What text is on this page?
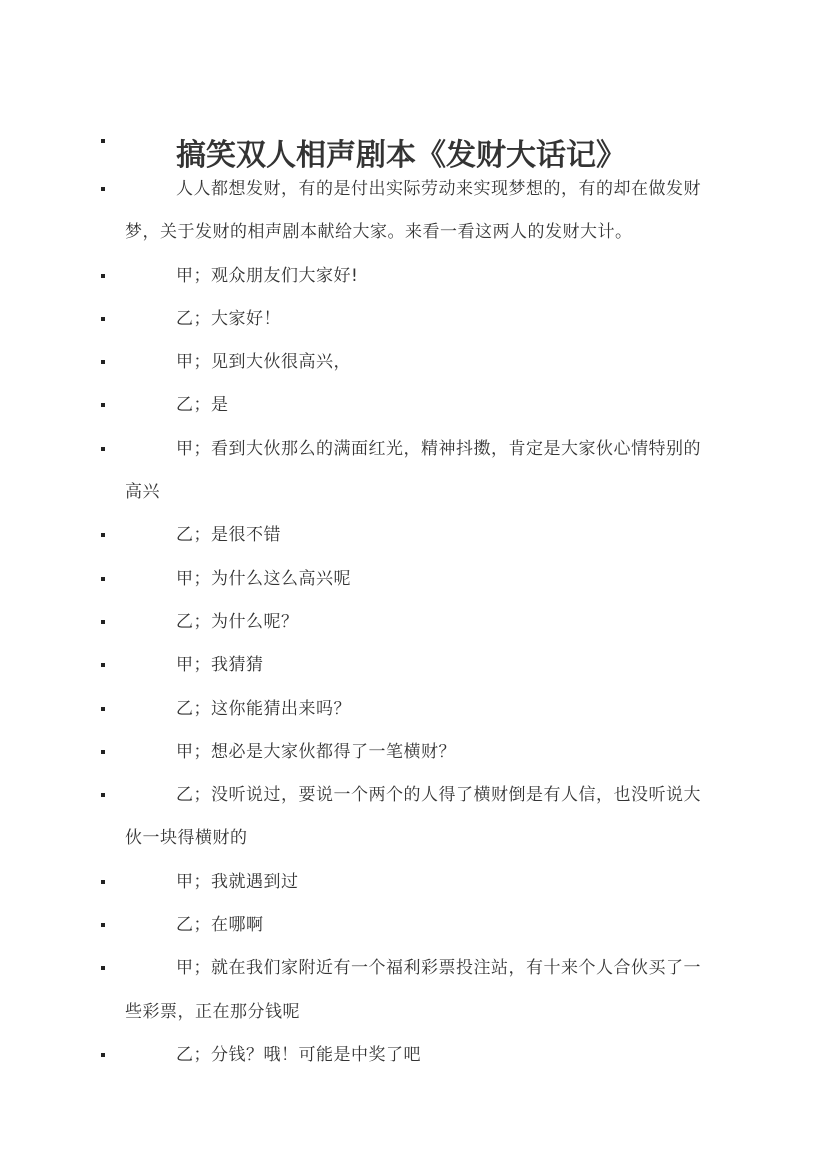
搞笑双人相声剧本《发财大话记》

人人都想发财，有的是付出实际劳动来实现梦想的，有的却在做发财梦，关于发财的相声剧本献给大家。来看一看这两人的发财大计。

甲；观众朋友们大家好!

乙；大家好！

甲；见到大伙很高兴，

乙；是

甲；看到大伙那么的满面红光，精神抖擞，肯定是大家伙心情特别的高兴

乙；是很不错

甲；为什么这么高兴呢

乙；为什么呢？

甲；我猜猜

乙；这你能猜出来吗？

甲；想必是大家伙都得了一笔横财？

乙；没听说过，要说一个两个的人得了横财倒是有人信，也没听说大伙一块得横财的

甲；我就遇到过

乙；在哪啊

甲；就在我们家附近有一个福利彩票投注站，有十来个人合伙买了一些彩票，正在那分钱呢

乙；分钱？哦！可能是中奖了吧
